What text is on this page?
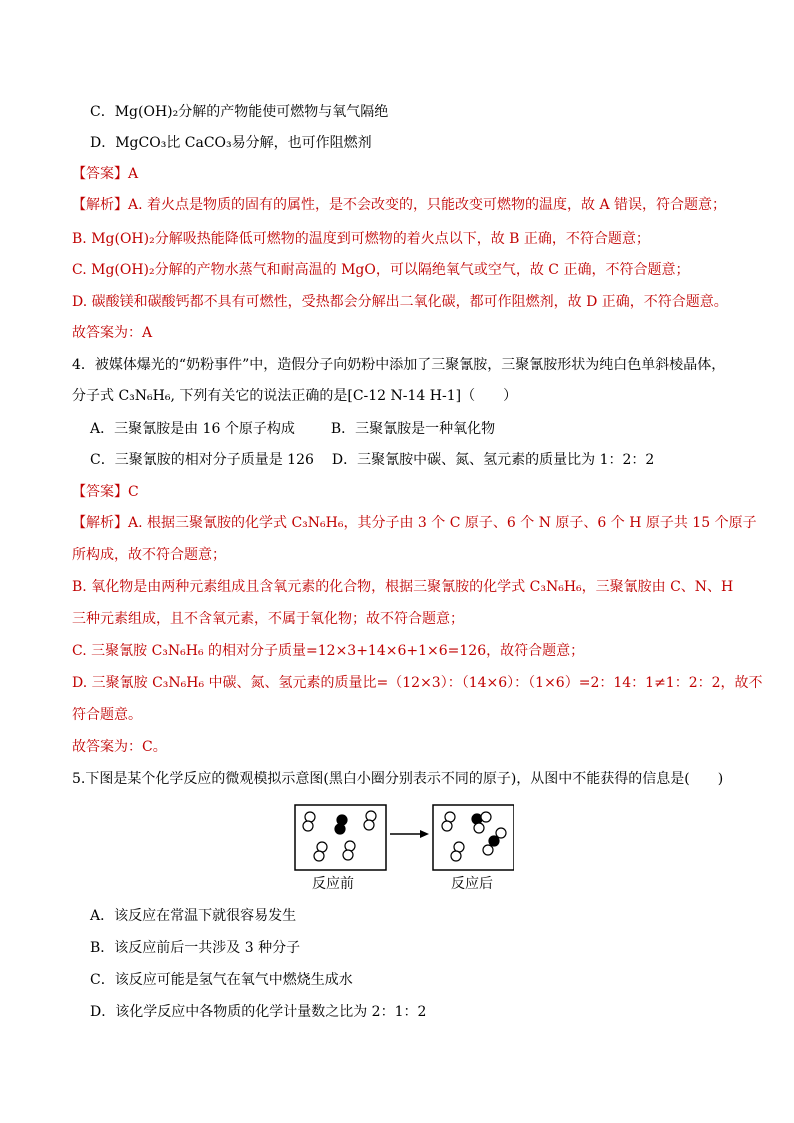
C．Mg(OH)₂分解的产物能使可燃物与氧气隔绝
D．MgCO₃比 CaCO₃易分解，也可作阻燃剂
【答案】A
【解析】A. 着火点是物质的固有的属性，是不会改变的，只能改变可燃物的温度，故 A 错误，符合题意；
B. Mg(OH)₂分解吸热能降低可燃物的温度到可燃物的着火点以下，故 B 正确，不符合题意；
C. Mg(OH)₂分解的产物水蒸气和耐高温的 MgO，可以隔绝氧气或空气，故 C 正确，不符合题意；
D. 碳酸镁和碳酸钙都不具有可燃性，受热都会分解出二氧化碳，都可作阻燃剂，故 D 正确，不符合题意。
故答案为：A
4．被媒体爆光的“奶粉事件”中，造假分子向奶粉中添加了三聚氰胺，三聚氰胺形状为纯白色单斜棱晶体，
分子式 C₃N₆H₆, 下列有关它的说法正确的是[C-12 N-14 H-1]（　　）
A．三聚氰胺是由 16 个原子构成	B．三聚氰胺是一种氧化物
C．三聚氰胺的相对分子质量是 126 D．三聚氰胺中碳、氮、氢元素的质量比为 1：2：2
【答案】C
【解析】A. 根据三聚氰胺的化学式 C₃N₆H₆，其分子由 3 个 C 原子、6 个 N 原子、6 个 H 原子共 15 个原子
所构成，故不符合题意；
B. 氧化物是由两种元素组成且含氧元素的化合物，根据三聚氰胺的化学式 C₃N₆H₆，三聚氰胺由 C、N、H
三种元素组成，且不含氧元素，不属于氧化物；故不符合题意；
C. 三聚氰胺 C₃N₆H₆ 的相对分子质量=12×3+14×6+1×6=126，故符合题意；
D. 三聚氰胺 C₃N₆H₆ 中碳、氮、氢元素的质量比=（12×3）：（14×6）：（1×6）=2：14：1≠1：2：2，故不
符合题意。
故答案为：C。
5.下图是某个化学反应的微观模拟示意图(黑白小圈分别表示不同的原子)，从图中不能获得的信息是(　　)
反应前	反应后
A．该反应在常温下就很容易发生
B．该反应前后一共涉及 3 种分子
C．该反应可能是氢气在氧气中燃烧生成水
D．该化学反应中各物质的化学计量数之比为 2：1：2
